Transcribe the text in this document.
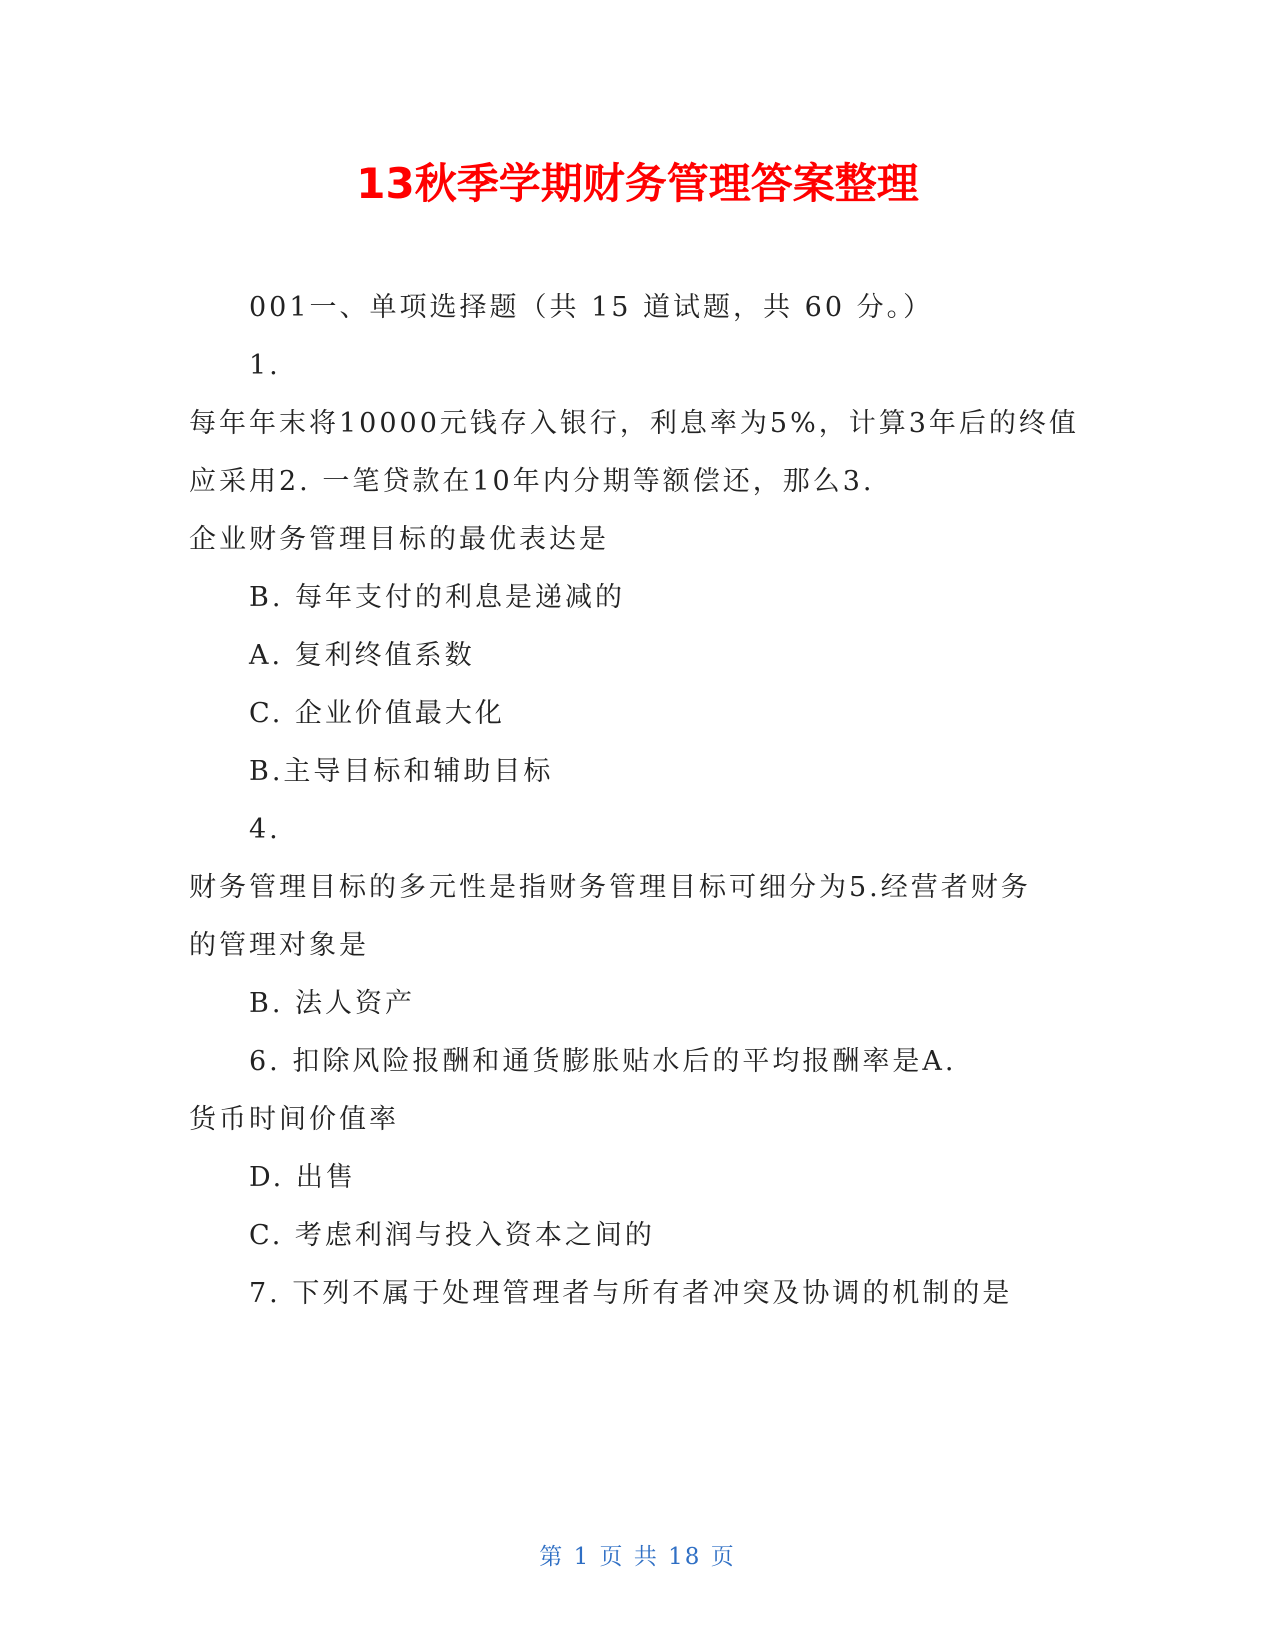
13秋季学期财务管理答案整理

001一、单项选择题（共 15 道试题，共 60 分。）

1.

每年年末将10000元钱存入银行，利息率为5%，计算3年后的终值

应采用2. 一笔贷款在10年内分期等额偿还，那么3.

企业财务管理目标的最优表达是

B. 每年支付的利息是递减的

A. 复利终值系数

C. 企业价值最大化

B.主导目标和辅助目标

4.

财务管理目标的多元性是指财务管理目标可细分为5.经营者财务

的管理对象是

B. 法人资产

6. 扣除风险报酬和通货膨胀贴水后的平均报酬率是A.

货币时间价值率

D. 出售

C. 考虑利润与投入资本之间的

7. 下列不属于处理管理者与所有者冲突及协调的机制的是

第 1 页 共 18 页
